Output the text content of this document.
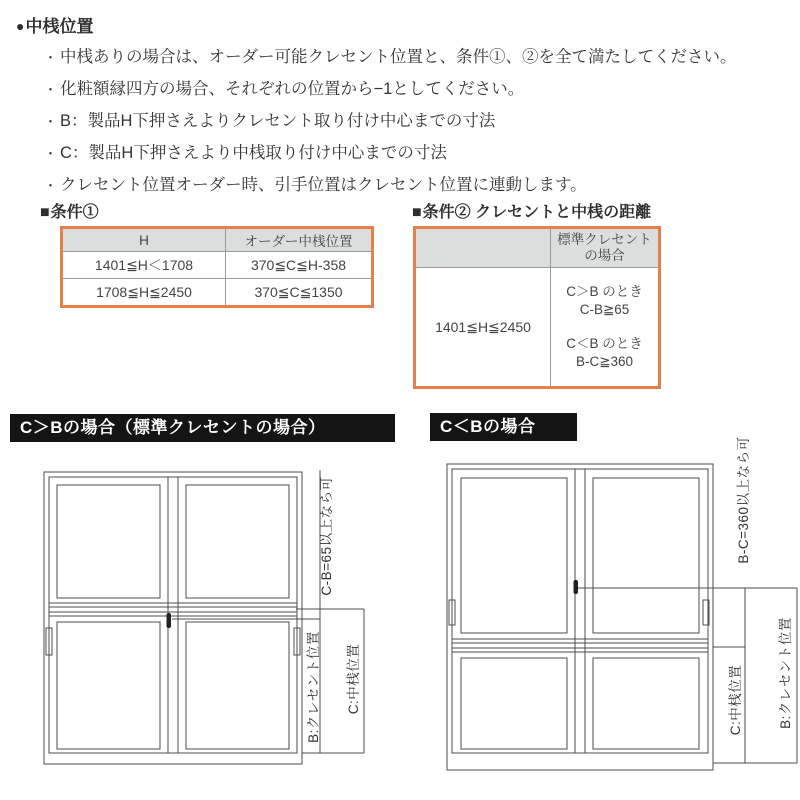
●中桟位置
・ 中桟ありの場合は、オーダー可能クレセント位置と、条件①、②を全て満たしてください。
・ 化粧額縁四方の場合、それぞれの位置から−1としてください。
・ B：製品H下押さえよりクレセント取り付け中心までの寸法
・ C：製品H下押さえより中桟取り付け中心までの寸法
・ クレセント位置オーダー時、引手位置はクレセント位置に連動します。
■条件①
H	オーダー中桟位置
1401≦H＜1708	370≦C≦H-358
1708≦H≦2450	370≦C≦1350
■条件② クレセントと中桟の距離

	標準クレセント
の場合

1401≦H≦2450	C＞B のとき
C-B≧65
C＜B のとき
B-C≧360
C＞Bの場合（標準クレセントの場合）	C＜Bの場合
C-B=65以上なら可
B:クレセント位置 C:中桟位置
B-C=360以上なら可
C:中桟位置	B:クレセント位置
